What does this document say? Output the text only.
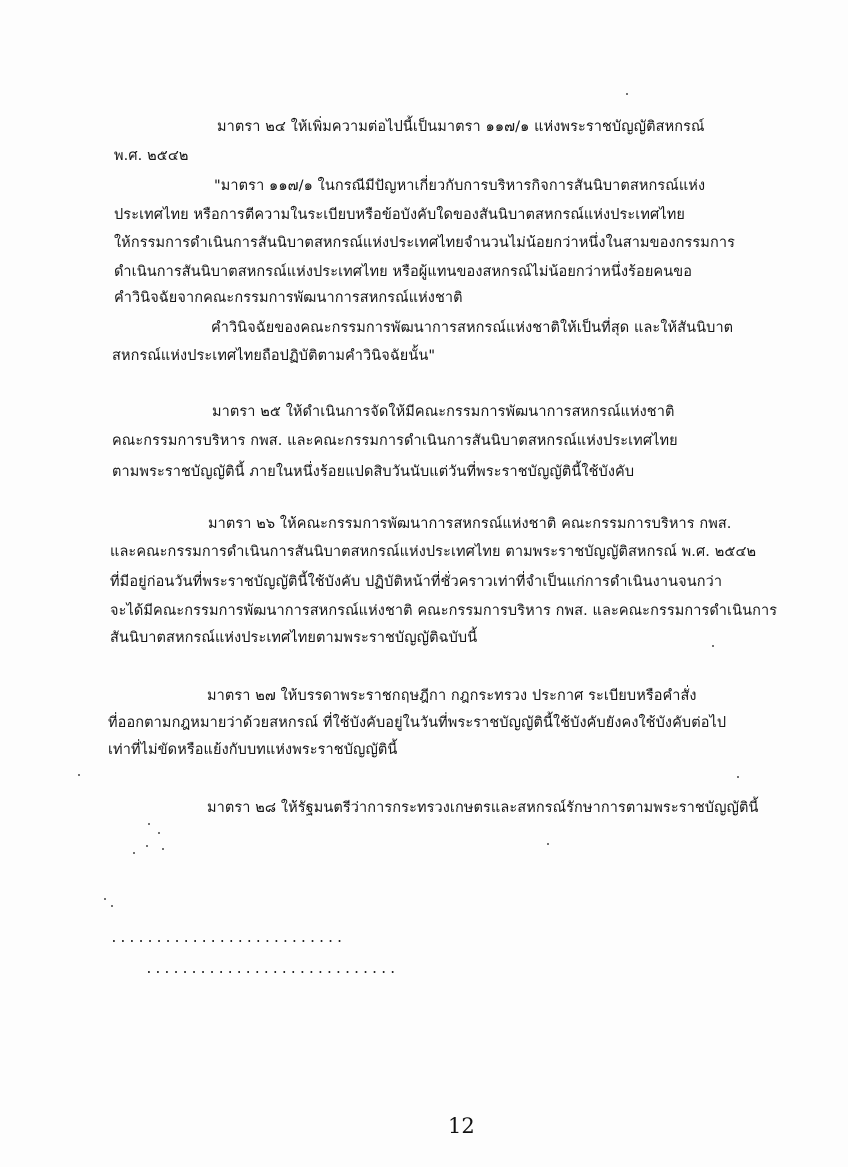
มาตรา ๒๔ ให้เพิ่มความต่อไปนี้เป็นมาตรา ๑๑๗/๑ แห่งพระราชบัญญัติสหกรณ์
พ.ศ. ๒๕๔๒
"มาตรา ๑๑๗/๑ ในกรณีมีปัญหาเกี่ยวกับการบริหารกิจการสันนิบาตสหกรณ์แห่ง
ประเทศไทย หรือการตีความในระเบียบหรือข้อบังคับใดของสันนิบาตสหกรณ์แห่งประเทศไทย
ให้กรรมการดำเนินการสันนิบาตสหกรณ์แห่งประเทศไทยจำนวนไม่น้อยกว่าหนึ่งในสามของกรรมการ
ดำเนินการสันนิบาตสหกรณ์แห่งประเทศไทย หรือผู้แทนของสหกรณ์ไม่น้อยกว่าหนึ่งร้อยคนขอ
คำวินิจฉัยจากคณะกรรมการพัฒนาการสหกรณ์แห่งชาติ
คำวินิจฉัยของคณะกรรมการพัฒนาการสหกรณ์แห่งชาติให้เป็นที่สุด และให้สันนิบาต
สหกรณ์แห่งประเทศไทยถือปฏิบัติตามคำวินิจฉัยนั้น"
มาตรา ๒๕ ให้ดำเนินการจัดให้มีคณะกรรมการพัฒนาการสหกรณ์แห่งชาติ
คณะกรรมการบริหาร กพส. และคณะกรรมการดำเนินการสันนิบาตสหกรณ์แห่งประเทศไทย
ตามพระราชบัญญัตินี้ ภายในหนึ่งร้อยแปดสิบวันนับแต่วันที่พระราชบัญญัตินี้ใช้บังคับ
มาตรา ๒๖ ให้คณะกรรมการพัฒนาการสหกรณ์แห่งชาติ คณะกรรมการบริหาร กพส.
และคณะกรรมการดำเนินการสันนิบาตสหกรณ์แห่งประเทศไทย ตามพระราชบัญญัติสหกรณ์ พ.ศ. ๒๕๔๒
ที่มีอยู่ก่อนวันที่พระราชบัญญัตินี้ใช้บังคับ ปฏิบัติหน้าที่ชั่วคราวเท่าที่จำเป็นแก่การดำเนินงานจนกว่า
จะได้มีคณะกรรมการพัฒนาการสหกรณ์แห่งชาติ คณะกรรมการบริหาร กพส. และคณะกรรมการดำเนินการ
สันนิบาตสหกรณ์แห่งประเทศไทยตามพระราชบัญญัติฉบับนี้
มาตรา ๒๗ ให้บรรดาพระราชกฤษฎีกา กฎกระทรวง ประกาศ ระเบียบหรือคำสั่ง
ที่ออกตามกฎหมายว่าด้วยสหกรณ์ ที่ใช้บังคับอยู่ในวันที่พระราชบัญญัตินี้ใช้บังคับยังคงใช้บังคับต่อไป
เท่าที่ไม่ขัดหรือแย้งกับบทแห่งพระราชบัญญัตินี้
มาตรา ๒๘ ให้รัฐมนตรีว่าการกระทรวงเกษตรและสหกรณ์รักษาการตามพระราชบัญญัตินี้
..........................
............................
12
